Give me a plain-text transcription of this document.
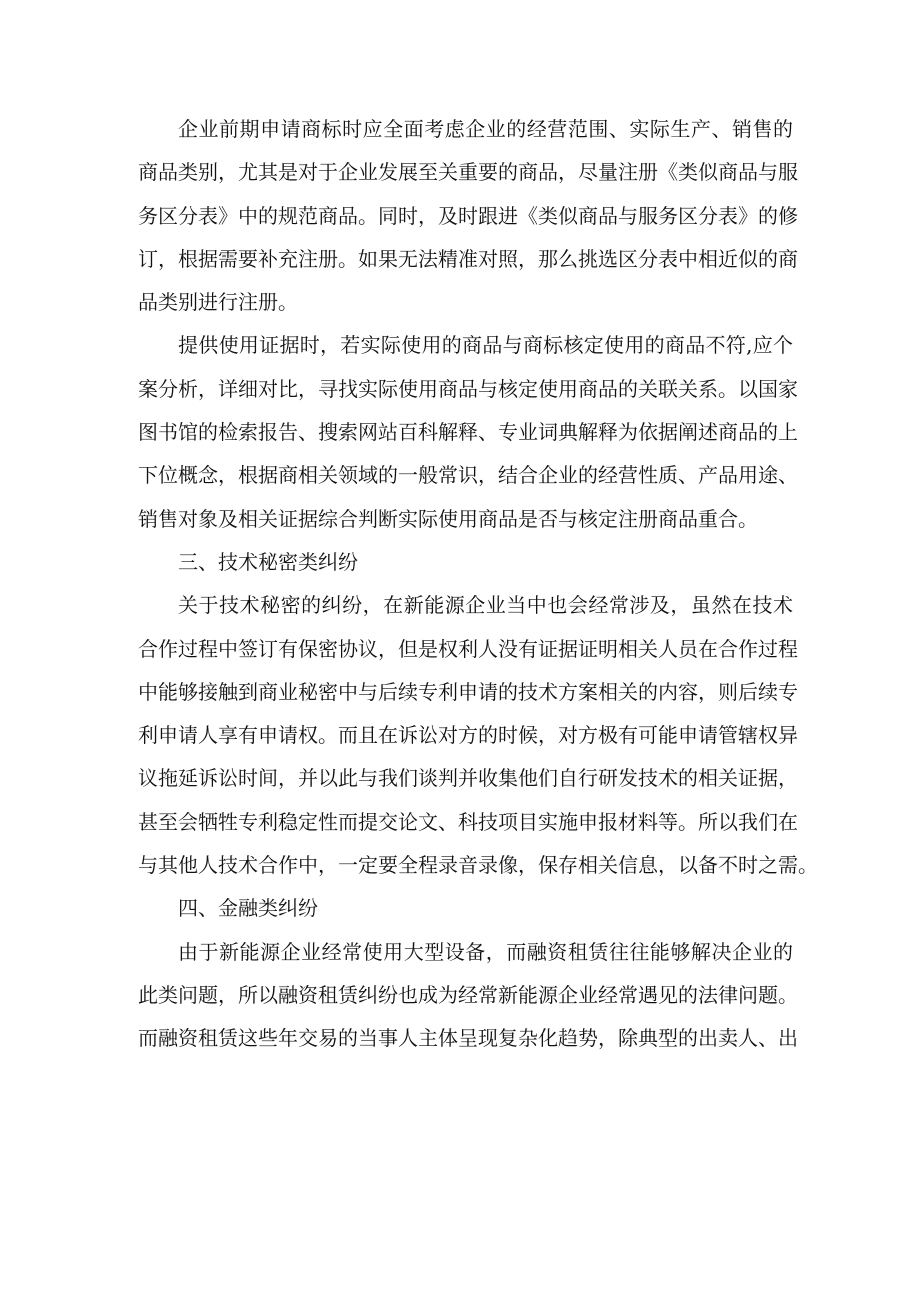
企业前期申请商标时应全面考虑企业的经营范围、实际生产、销售的
商品类别，尤其是对于企业发展至关重要的商品，尽量注册《类似商品与服
务区分表》中的规范商品。同时，及时跟进《类似商品与服务区分表》的修
订，根据需要补充注册。如果无法精准对照，那么挑选区分表中相近似的商
品类别进行注册。
提供使用证据时，若实际使用的商品与商标核定使用的商品不符,应个
案分析，详细对比，寻找实际使用商品与核定使用商品的关联关系。以国家
图书馆的检索报告、搜索网站百科解释、专业词典解释为依据阐述商品的上
下位概念，根据商相关领域的一般常识，结合企业的经营性质、产品用途、
销售对象及相关证据综合判断实际使用商品是否与核定注册商品重合。
三、技术秘密类纠纷
关于技术秘密的纠纷，在新能源企业当中也会经常涉及，虽然在技术
合作过程中签订有保密协议，但是权利人没有证据证明相关人员在合作过程
中能够接触到商业秘密中与后续专利申请的技术方案相关的内容，则后续专
利申请人享有申请权。而且在诉讼对方的时候，对方极有可能申请管辖权异
议拖延诉讼时间，并以此与我们谈判并收集他们自行研发技术的相关证据，
甚至会牺牲专利稳定性而提交论文、科技项目实施申报材料等。所以我们在
与其他人技术合作中，一定要全程录音录像，保存相关信息，以备不时之需。
四、金融类纠纷
由于新能源企业经常使用大型设备，而融资租赁往往能够解决企业的
此类问题，所以融资租赁纠纷也成为经常新能源企业经常遇见的法律问题。
而融资租赁这些年交易的当事人主体呈现复杂化趋势，除典型的出卖人、出
